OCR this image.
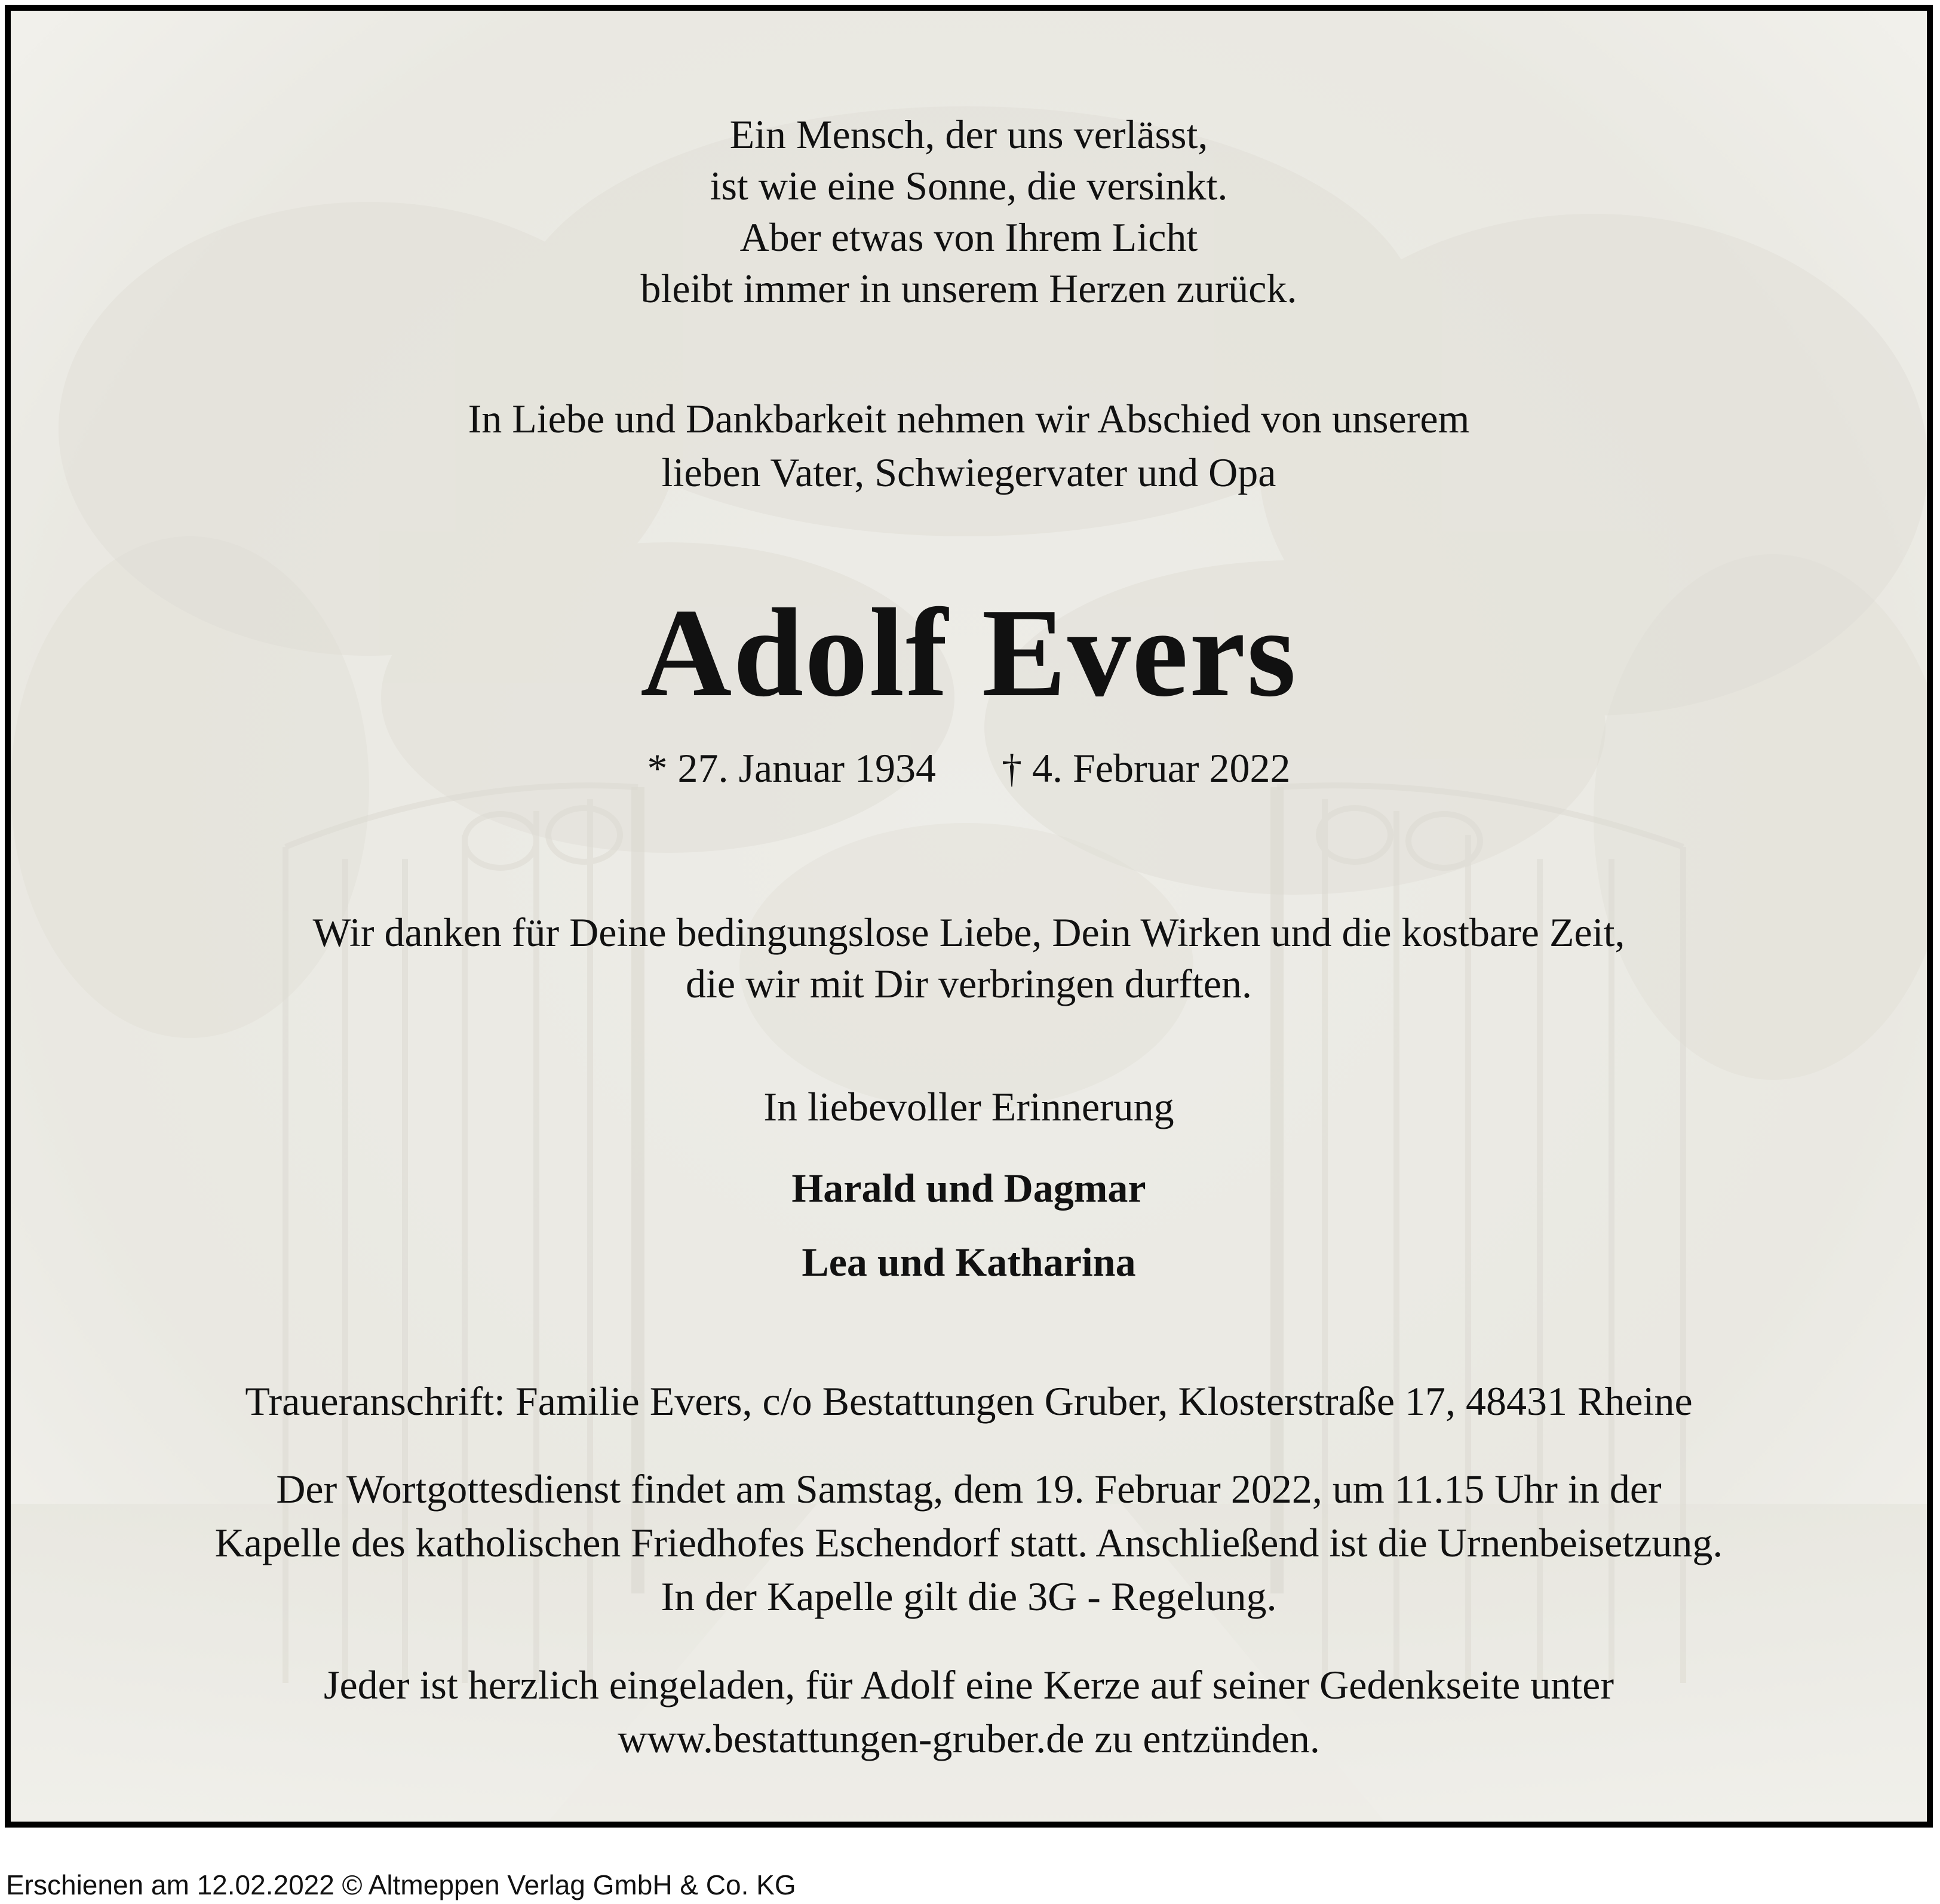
Ein Mensch, der uns verlässt,
ist wie eine Sonne, die versinkt.
Aber etwas von Ihrem Licht
bleibt immer in unserem Herzen zurück.
In Liebe und Dankbarkeit nehmen wir Abschied von unserem
lieben Vater, Schwiegervater und Opa
Adolf Evers
* 27. Januar 1934 † 4. Februar 2022
Wir danken für Deine bedingungslose Liebe, Dein Wirken und die kostbare Zeit,
die wir mit Dir verbringen durften.
In liebevoller Erinnerung
Harald und Dagmar
Lea und Katharina
Traueranschrift: Familie Evers, c/o Bestattungen Gruber, Klosterstraße 17, 48431 Rheine
Der Wortgottesdienst findet am Samstag, dem 19. Februar 2022, um 11.15 Uhr in der
Kapelle des katholischen Friedhofes Eschendorf statt. Anschließend ist die Urnenbeisetzung.
In der Kapelle gilt die 3G - Regelung.
Jeder ist herzlich eingeladen, für Adolf eine Kerze auf seiner Gedenkseite unter
www.bestattungen-gruber.de zu entzünden.
Erschienen am 12.02.2022 © Altmeppen Verlag GmbH & Co. KG
